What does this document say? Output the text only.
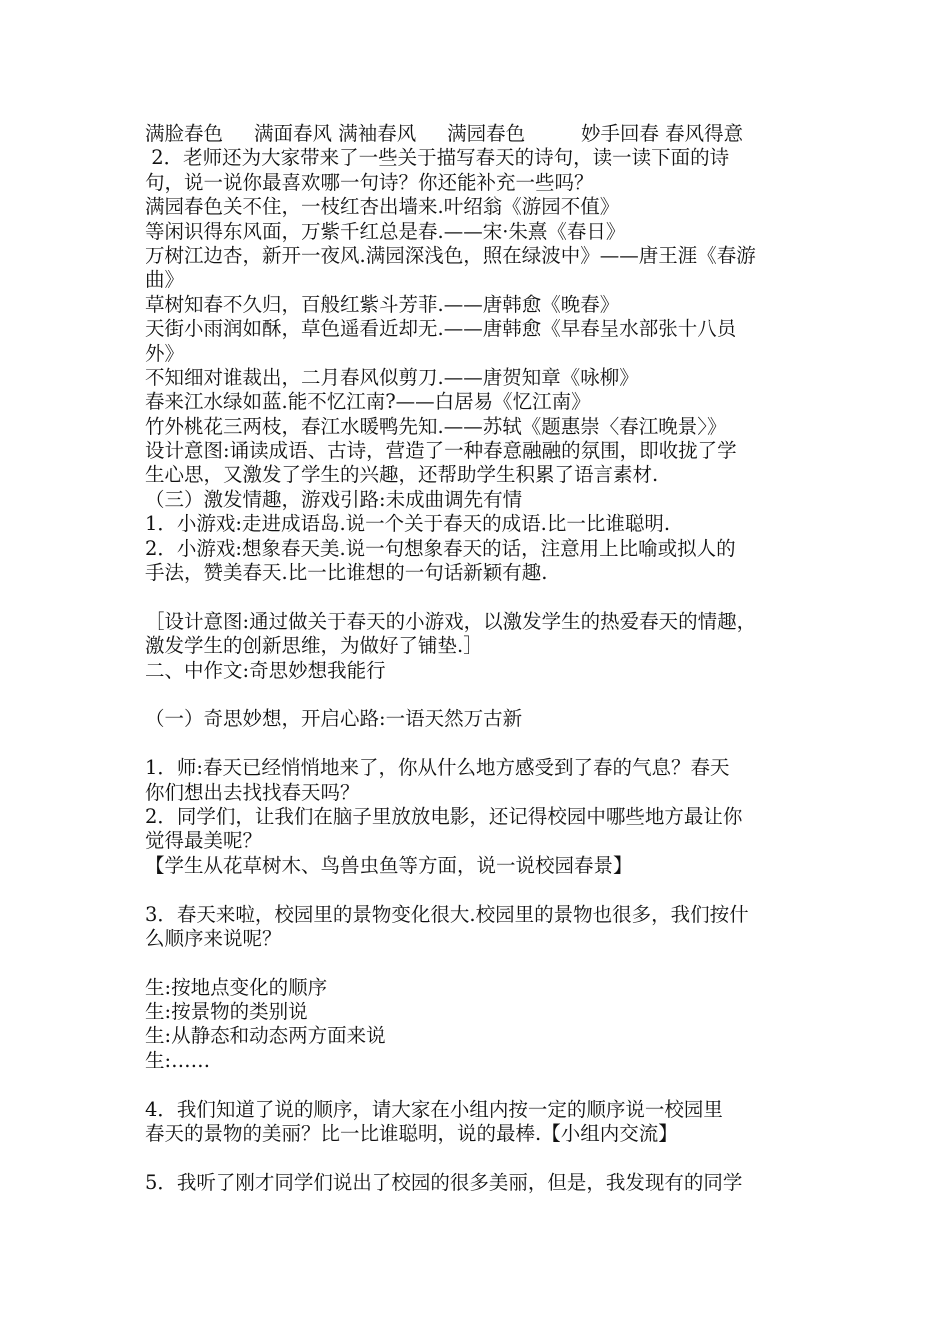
满脸春色     满面春风 满袖春风     满园春色         妙手回春 春风得意
2．老师还为大家带来了一些关于描写春天的诗句，读一读下面的诗
句，说一说你最喜欢哪一句诗？你还能补充一些吗？
满园春色关不住，一枝红杏出墙来.叶绍翁《游园不值》
等闲识得东风面，万紫千红总是春.——宋·朱熹《春日》
万树江边杏，新开一夜风.满园深浅色，照在绿波中》——唐王涯《春游
曲》
草树知春不久归，百般红紫斗芳菲.——唐韩愈《晚春》
天街小雨润如酥，草色遥看近却无.——唐韩愈《早春呈水部张十八员
外》
不知细对谁裁出，二月春风似剪刀.——唐贺知章《咏柳》
春来江水绿如蓝.能不忆江南?——白居易《忆江南》
竹外桃花三两枝，春江水暖鸭先知.——苏轼《题惠崇〈春江晚景〉》
设计意图:诵读成语、古诗，营造了一种春意融融的氛围，即收拢了学
生心思，又激发了学生的兴趣，还帮助学生积累了语言素材.
（三）激发情趣，游戏引路:未成曲调先有情
1．小游戏:走进成语岛.说一个关于春天的成语.比一比谁聪明.
2．小游戏:想象春天美.说一句想象春天的话，注意用上比喻或拟人的
手法，赞美春天.比一比谁想的一句话新颖有趣.
［设计意图:通过做关于春天的小游戏，以激发学生的热爱春天的情趣，
激发学生的创新思维，为做好了铺垫.］
二、中作文:奇思妙想我能行
（一）奇思妙想，开启心路:一语天然万古新
1．师:春天已经悄悄地来了，你从什么地方感受到了春的气息？春天
你们想出去找找春天吗？
2．同学们，让我们在脑子里放放电影，还记得校园中哪些地方最让你
觉得最美呢？
【学生从花草树木、鸟兽虫鱼等方面，说一说校园春景】
3．春天来啦，校园里的景物变化很大.校园里的景物也很多，我们按什
么顺序来说呢？
生:按地点变化的顺序
生:按景物的类别说
生:从静态和动态两方面来说
生:……
4．我们知道了说的顺序，请大家在小组内按一定的顺序说一校园里
春天的景物的美丽？比一比谁聪明，说的最棒.【小组内交流】
5．我听了刚才同学们说出了校园的很多美丽，但是，我发现有的同学
